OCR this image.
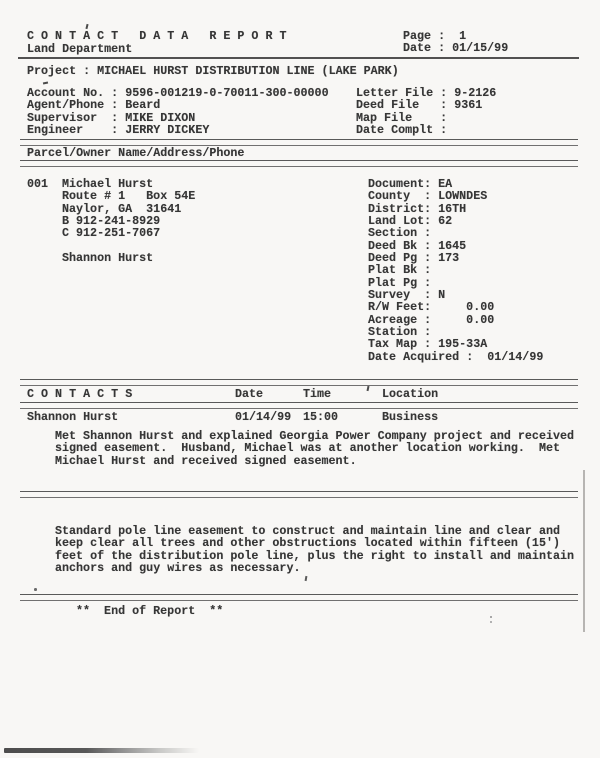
C O N T A C T   D A T A   R E P O R T
Land Department
Page :  1
Date : 01/15/99
Project : MICHAEL HURST DISTRIBUTION LINE (LAKE PARK)
Account No. : 9596-001219-0-70011-300-00000
Agent/Phone : Beard
Supervisor  : MIKE DIXON
Engineer    : JERRY DICKEY
Letter File : 9-2126
Deed File   : 9361
Map File    :
Date Complt :
Parcel/Owner Name/Address/Phone
001 Michael Hurst
Route # 1   Box 54E
Naylor, GA  31641
B 912-241-8929
C 912-251-7067
Shannon Hurst
Document: EA
County  : LOWNDES
District: 16TH
Land Lot: 62
Section :
Deed Bk : 1645
Deed Pg : 173
Plat Bk :
Plat Pg :
Survey  : N
R/W Feet:    0.00
Acreage :    0.00
Station :
Tax Map : 195-33A
Date Acquired : 01/14/99
C O N T A C T S	Date	Time	Location
Shannon Hurst	01/14/99 15:00	Business
Met Shannon Hurst and explained Georgia Power Company project and received
signed easement.  Husband, Michael was at another location working.  Met
Michael Hurst and received signed easement.
Standard pole line easement to construct and maintain line and clear and
keep clear all trees and other obstructions located within fifteen (15')
feet of the distribution pole line, plus the right to install and maintain
anchors and guy wires as necessary.
**  End of Report  **
